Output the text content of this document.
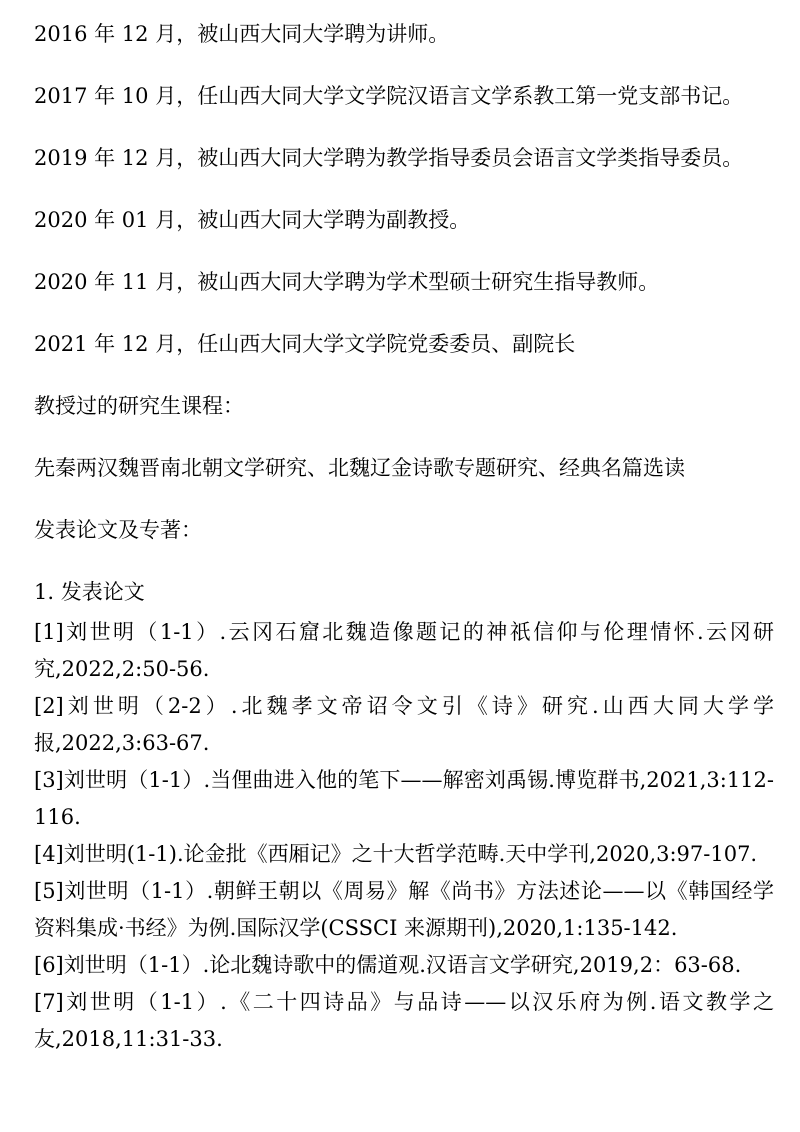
2016 年 12 月，被山西大同大学聘为讲师。
2017 年 10 月，任山西大同大学文学院汉语言文学系教工第一党支部书记。
2019 年 12 月，被山西大同大学聘为教学指导委员会语言文学类指导委员。
2020 年 01 月，被山西大同大学聘为副教授。
2020 年 11 月，被山西大同大学聘为学术型硕士研究生指导教师。
2021 年 12 月，任山西大同大学文学院党委委员、副院长
教授过的研究生课程：
先秦两汉魏晋南北朝文学研究、北魏辽金诗歌专题研究、经典名篇选读
发表论文及专著：
1. 发表论文
[1]刘世明（1-1）.云冈石窟北魏造像题记的神祇信仰与伦理情怀.云冈研究,2022,2:50-56.
[2]刘世明（2-2）.北魏孝文帝诏令文引《诗》研究.山西大同大学学报,2022,3:63-67.
[3]刘世明（1-1）.当俚曲进入他的笔下——解密刘禹锡.博览群书,2021,3:112-116.
[4]刘世明(1-1).论金批《西厢记》之十大哲学范畴.天中学刊,2020,3:97-107.
[5]刘世明（1-1）.朝鲜王朝以《周易》解《尚书》方法述论——以《韩国经学资料集成·书经》为例.国际汉学(CSSCI 来源期刊),2020,1:135-142.
[6]刘世明（1-1）.论北魏诗歌中的儒道观.汉语言文学研究,2019,2：63-68.
[7]刘世明（1-1）.《二十四诗品》与品诗——以汉乐府为例.语文教学之友,2018,11:31-33.
